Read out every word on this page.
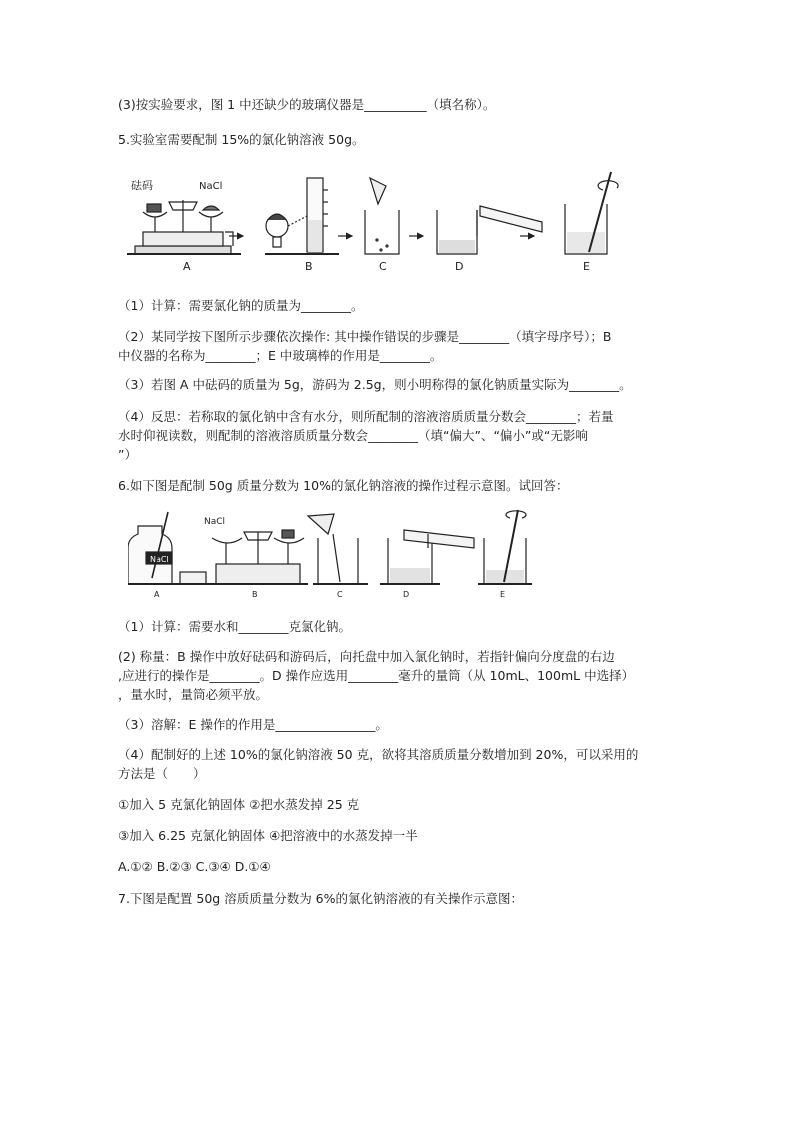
(3)按实验要求，图 1 中还缺少的玻璃仪器是__________（填名称）。
5.实验室需要配制 15%的氯化钠溶液 50g。
砝码	NaCl
A	B	C	D	E
（1）计算：需要氯化钠的质量为________。
（2）某同学按下图所示步骤依次操作: 其中操作错误的步骤是________（填字母序号）；B
中仪器的名称为________；E 中玻璃棒的作用是________。
（3）若图 A 中砝码的质量为 5g，游码为 2.5g，则小明称得的氯化钠质量实际为________。
（4）反思：若称取的氯化钠中含有水分，则所配制的溶液溶质质量分数会________；若量
水时仰视读数，则配制的溶液溶质质量分数会________（填“偏大”、“偏小”或“无影响
”）
6.如下图是配制 50g 质量分数为 10%的氯化钠溶液的操作过程示意图。试回答：
NaCl
NaCl
A	B	C	D	E
（1）计算：需要水和________克氯化钠。
(2) 称量：B 操作中放好砝码和游码后，向托盘中加入氯化钠时，若指针偏向分度盘的右边
,应进行的操作是________。D 操作应选用________毫升的量筒（从 10mL、100mL 中选择）
，量水时，量筒必须平放。
（3）溶解：E 操作的作用是________________。
（4）配制好的上述 10%的氯化钠溶液 50 克，欲将其溶质质量分数增加到 20%，可以采用的
方法是（　　）
①加入 5 克氯化钠固体 ②把水蒸发掉 25 克
③加入 6.25 克氯化钠固体 ④把溶液中的水蒸发掉一半
A.①② B.②③ C.③④ D.①④
7.下图是配置 50g 溶质质量分数为 6%的氯化钠溶液的有关操作示意图：
